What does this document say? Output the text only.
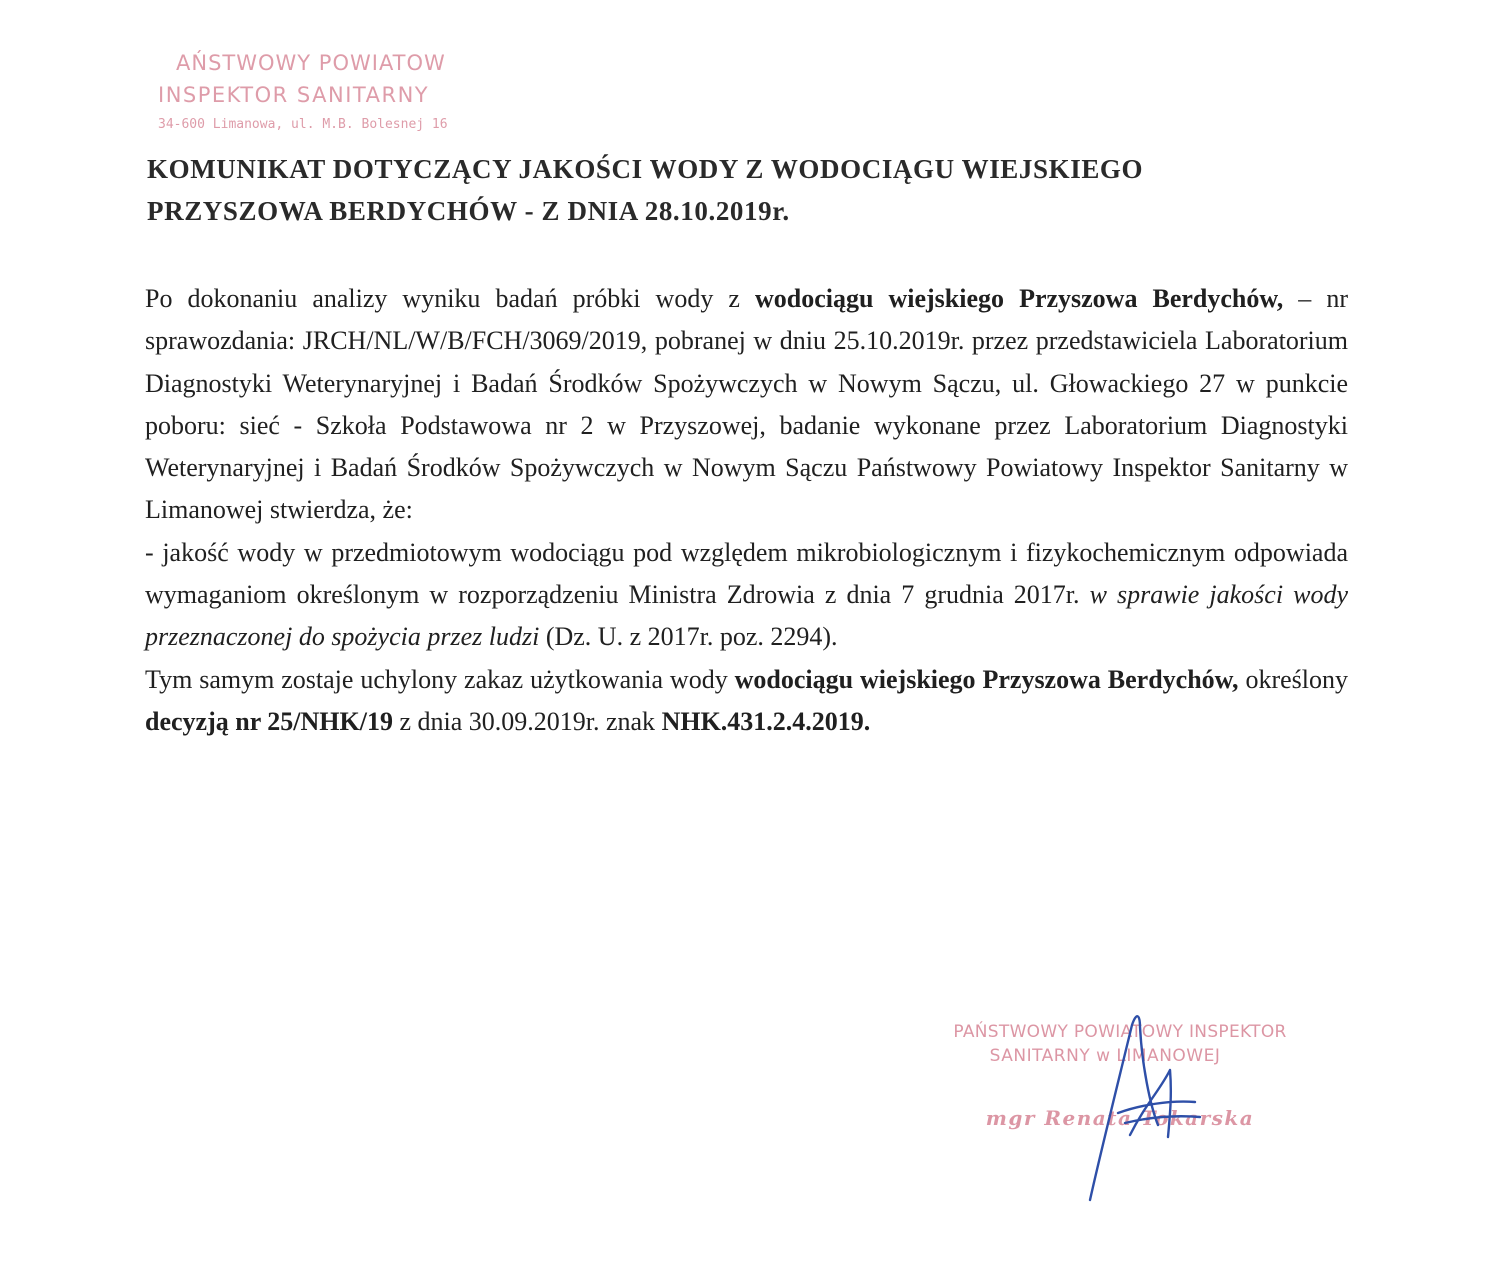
AŃSTWOWY POWIATOW
INSPEKTOR SANITARNY
34-600 Limanowa, ul. M.B. Bolesnej 16
KOMUNIKAT DOTYCZĄCY JAKOŚCI WODY Z WODOCIĄGU WIEJSKIEGO
PRZYSZOWA BERDYCHÓW - Z DNIA 28.10.2019r.

Po dokonaniu analizy wyniku badań próbki wody z wodociągu wiejskiego Przyszowa Berdychów, – nr sprawozdania: JRCH/NL/W/B/FCH/3069/2019, pobranej w dniu 25.10.2019r. przez przedstawiciela Laboratorium Diagnostyki Weterynaryjnej i Badań Środków Spożywczych w Nowym Sączu, ul. Głowackiego 27 w punkcie poboru: sieć - Szkoła Podstawowa nr 2 w Przyszowej, badanie wykonane przez Laboratorium Diagnostyki Weterynaryjnej i Badań Środków Spożywczych w Nowym Sączu Państwowy Powiatowy Inspektor Sanitarny w Limanowej stwierdza, że:

- jakość wody w przedmiotowym wodociągu pod względem mikrobiologicznym i fizykochemicznym odpowiada wymaganiom określonym w rozporządzeniu Ministra Zdrowia z dnia 7 grudnia 2017r. w sprawie jakości wody przeznaczonej do spożycia przez ludzi (Dz. U. z 2017r. poz. 2294).

Tym samym zostaje uchylony zakaz użytkowania wody wodociągu wiejskiego Przyszowa Berdychów, określony decyzją nr 25/NHK/19 z dnia 30.09.2019r. znak NHK.431.2.4.2019.

PAŃSTWOWY POWIATOWY INSPEKTOR
SANITARNY w LIMANOWEJ
mgr Renata Tokarska
